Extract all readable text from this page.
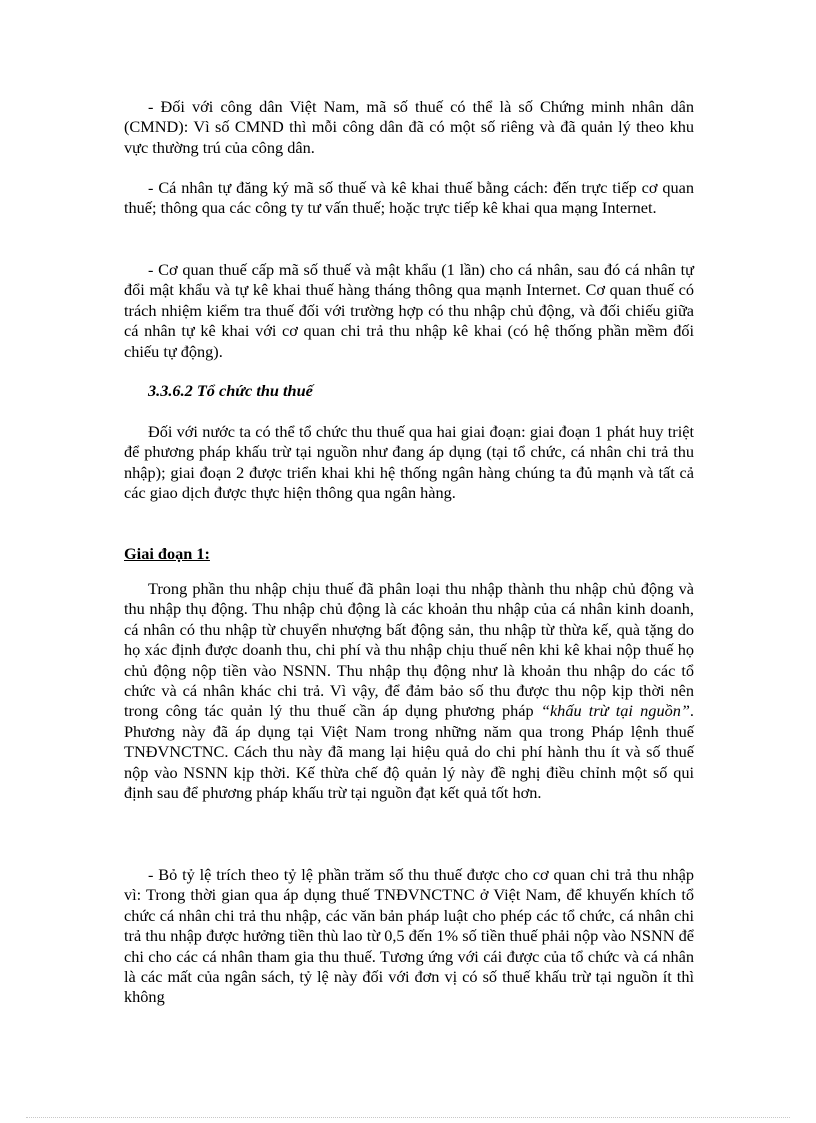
- Đối với công dân Việt Nam, mã số thuế có thể là số Chứng minh nhân dân (CMND): Vì số CMND thì mỗi công dân đã có một số riêng và đã quản lý theo khu vực thường trú của công dân.

- Cá nhân tự đăng ký mã số thuế và kê khai thuế bằng cách: đến trực tiếp cơ quan thuế; thông qua các công ty tư vấn thuế; hoặc trực tiếp kê khai qua mạng Internet.

- Cơ quan thuế cấp mã số thuế và mật khẩu (1 lần) cho cá nhân, sau đó cá nhân tự đổi mật khẩu và tự kê khai thuế hàng tháng thông qua mạnh Internet. Cơ quan thuế có trách nhiệm kiểm tra thuế đối với trường hợp có thu nhập chủ động, và đối chiếu giữa cá nhân tự kê khai với cơ quan chi trả thu nhập kê khai (có hệ thống phần mềm đối chiếu tự động).

3.3.6.2 Tổ chức thu thuế

Đối với nước ta có thể tổ chức thu thuế qua hai giai đoạn: giai đoạn 1 phát huy triệt để phương pháp khấu trừ tại nguồn như đang áp dụng (tại tổ chức, cá nhân chi trả thu nhập); giai đoạn 2 được triển khai khi hệ thống ngân hàng chúng ta đủ mạnh và tất cả các giao dịch được thực hiện thông qua ngân hàng.

Giai đoạn 1:

Trong phần thu nhập chịu thuế đã phân loại thu nhập thành thu nhập chủ động và thu nhập thụ động. Thu nhập chủ động là các khoản thu nhập của cá nhân kinh doanh, cá nhân có thu nhập từ chuyển nhượng bất động sản, thu nhập từ thừa kế, quà tặng do họ xác định được doanh thu, chi phí và thu nhập chịu thuế nên khi kê khai nộp thuế họ chủ động nộp tiền vào NSNN. Thu nhập thụ động như là khoản thu nhập do các tổ chức và cá nhân khác chi trả. Vì vậy, để đảm bảo số thu được thu nộp kịp thời nên trong công tác quản lý thu thuế cần áp dụng phương pháp “khấu trừ tại nguồn”. Phương này đã áp dụng tại Việt Nam trong những năm qua trong Pháp lệnh thuế TNĐVNCTNC. Cách thu này đã mang lại hiệu quả do chi phí hành thu ít và số thuế nộp vào NSNN kịp thời. Kế thừa chế độ quản lý này đề nghị điều chỉnh một số qui định sau để phương pháp khấu trừ tại nguồn đạt kết quả tốt hơn.

- Bỏ tỷ lệ trích theo tỷ lệ phần trăm số thu thuế được cho cơ quan chi trả thu nhập vì: Trong thời gian qua áp dụng thuế TNĐVNCTNC ở Việt Nam, để khuyến khích tổ chức cá nhân chi trả thu nhập, các văn bản pháp luật cho phép các tổ chức, cá nhân chi trả thu nhập được hưởng tiền thù lao từ 0,5 đến 1% số tiền thuế phải nộp vào NSNN để chi cho các cá nhân tham gia thu thuế. Tương ứng với cái được của tổ chức và cá nhân là các mất của ngân sách, tỷ lệ này đối với đơn vị có số thuế khấu trừ tại nguồn ít thì không
